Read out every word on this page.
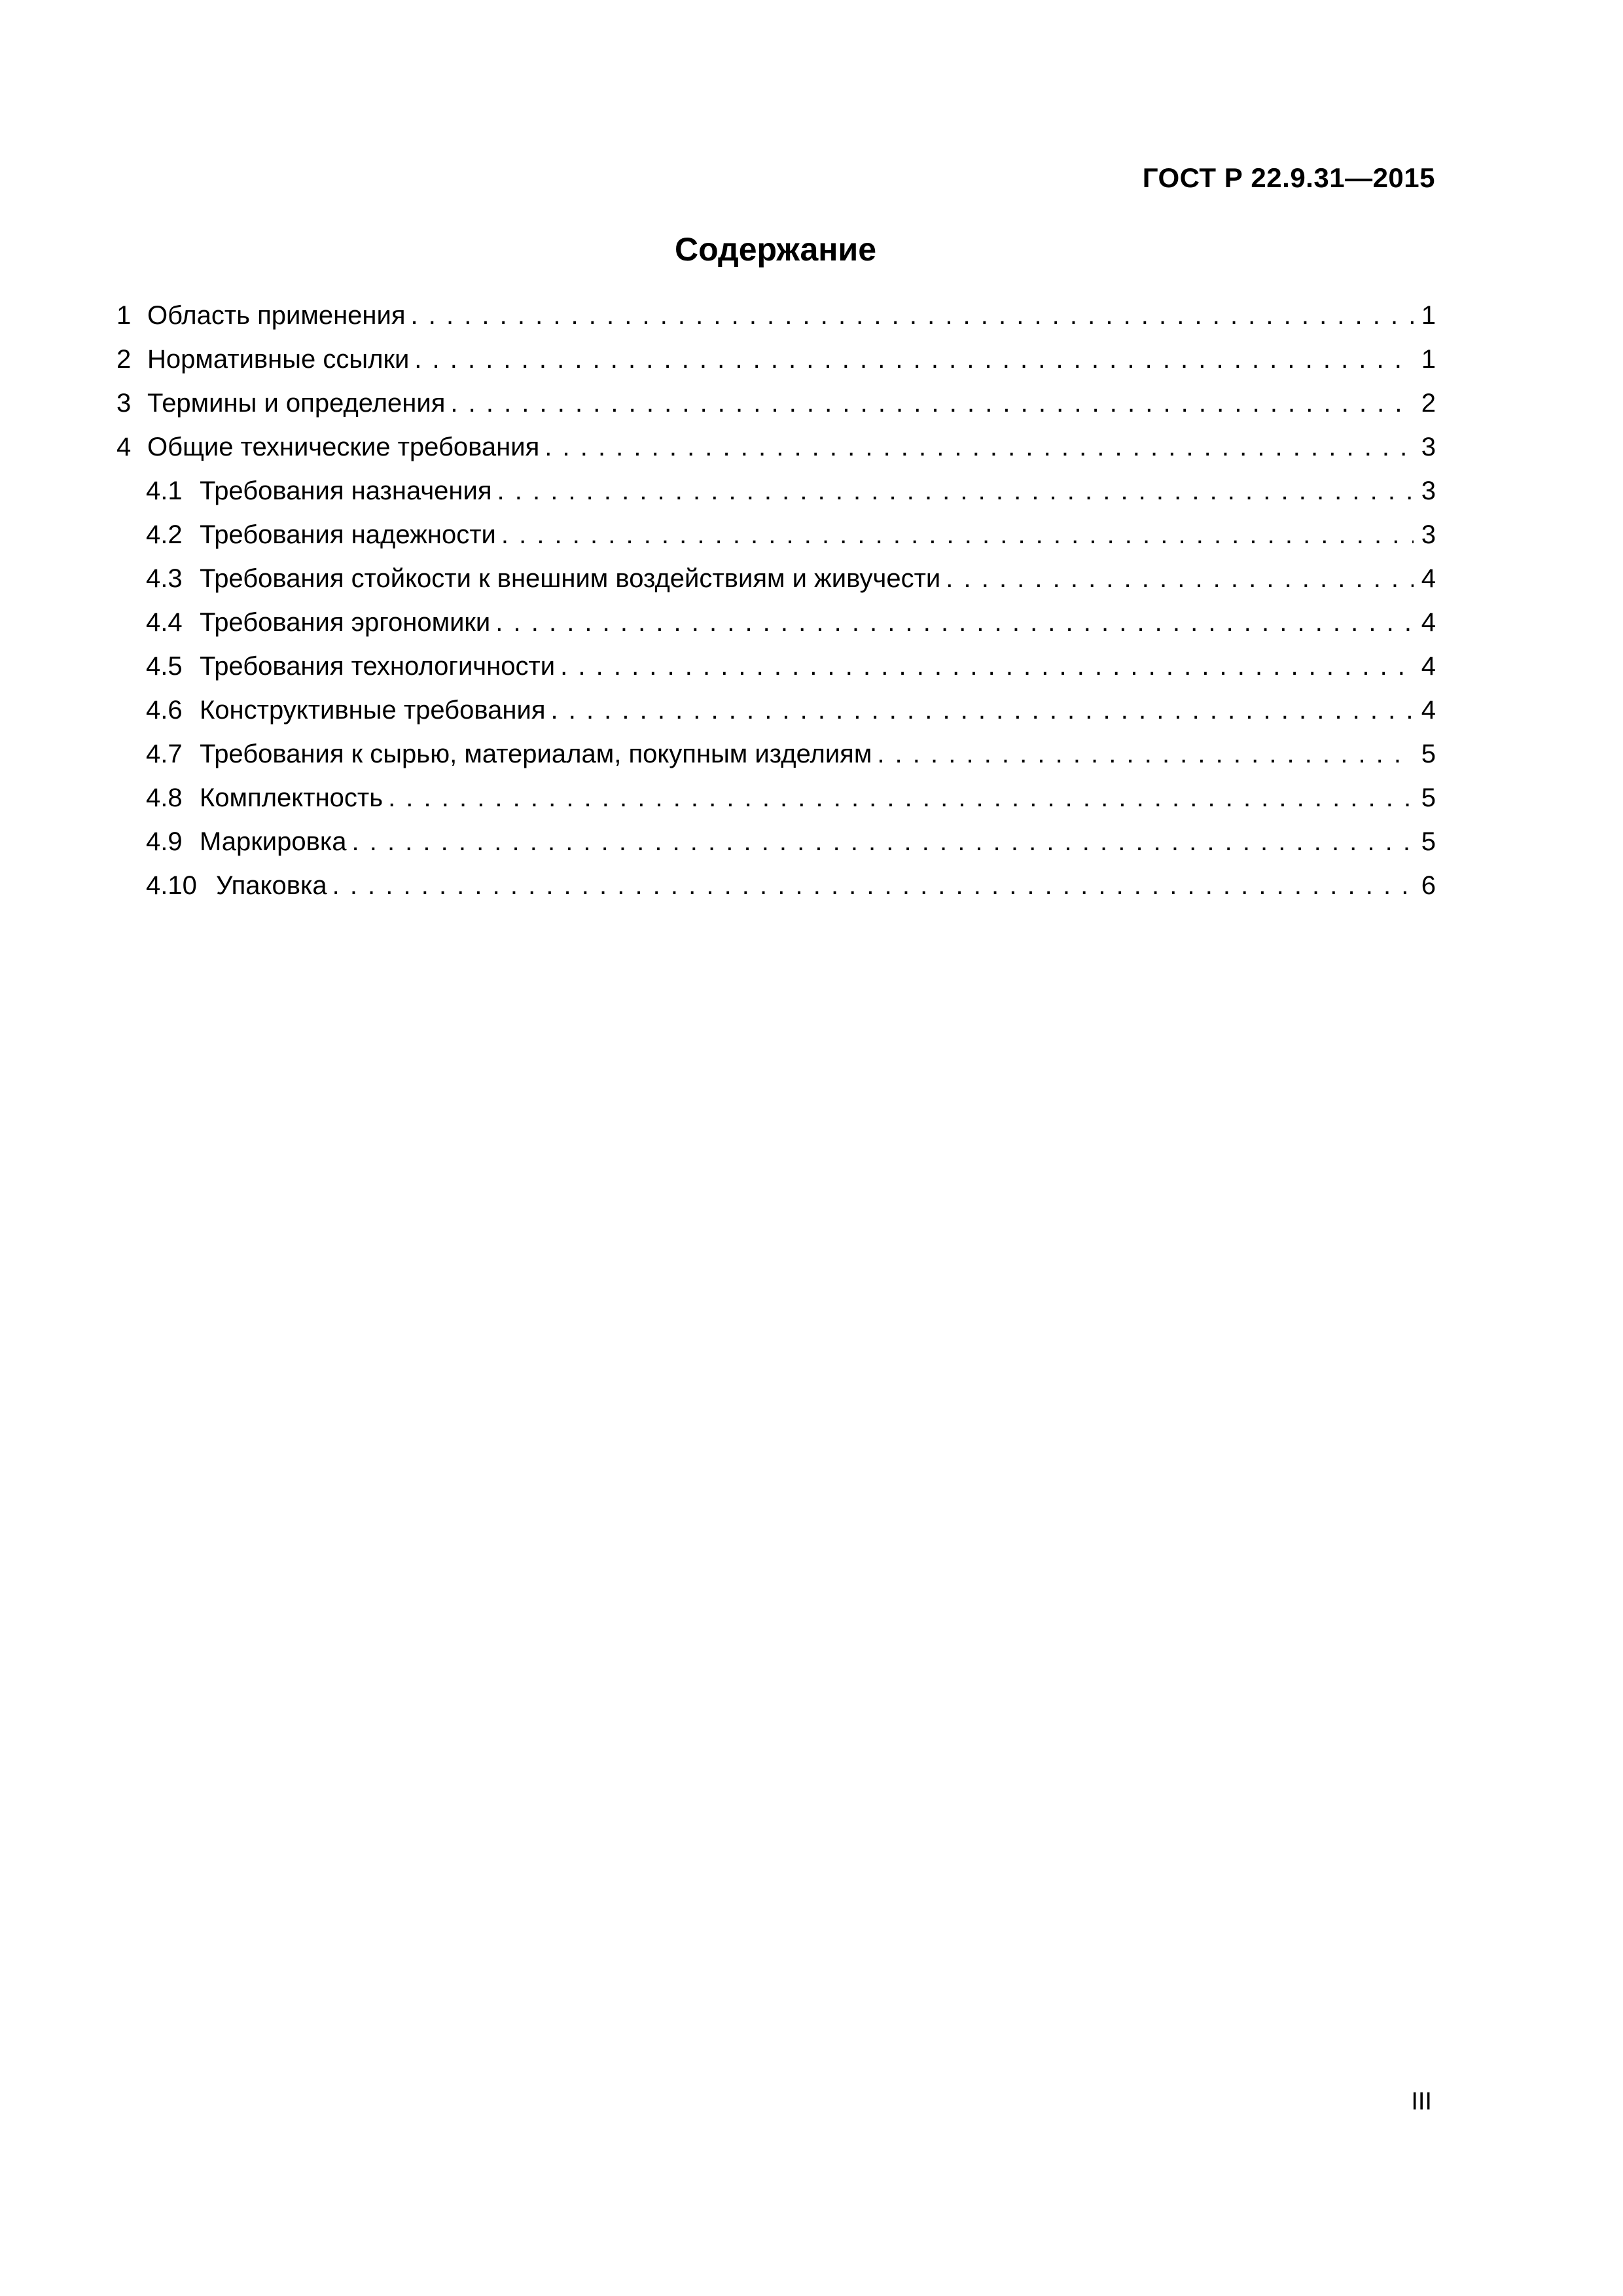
ГОСТ Р 22.9.31—2015
Содержание
1 Область применения . . .	1
2 Нормативные ссылки . . .	1
3 Термины и определения . . .	2
4 Общие технические требования . . .	3
4.1 Требования назначения . . .	3
4.2 Требования надежности . . .	3
4.3 Требования стойкости к внешним воздействиям и живучести . . .	4
4.4 Требования эргономики . . .	4
4.5 Требования технологичности . . .	4
4.6 Конструктивные требования . . .	4
4.7 Требования к сырью, материалам, покупным изделиям . . .	5
4.8 Комплектность . . .	5
4.9 Маркировка . . .	5
4.10 Упаковка . . .	6
III
